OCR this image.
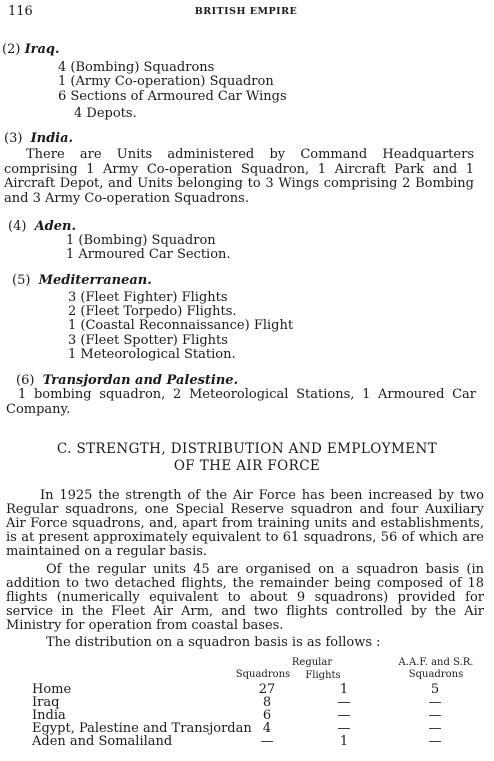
116	BRITISH EMPIRE
(2) Iraq.
4 (Bombing) Squadrons
1 (Army Co-operation) Squadron
6 Sections of Armoured Car Wings
4 Depots.
(3) India.
There are Units administered by Command Headquarters comprising 1 Army Co-operation Squadron, 1 Aircraft Park and 1 Aircraft Depot, and Units belonging to 3 Wings comprising 2 Bombing and 3 Army Co-operation Squadrons.
(4) Aden.
1 (Bombing) Squadron
1 Armoured Car Section.
(5) Mediterranean.
3 (Fleet Fighter) Flights
2 (Fleet Torpedo) Flights.
1 (Coastal Reconnaissance) Flight
3 (Fleet Spotter) Flights
1 Meteorological Station.
(6) Transjordan and Palestine.
1 bombing squadron, 2 Meteorological Stations, 1 Armoured Car Company.
C. STRENGTH, DISTRIBUTION AND EMPLOYMENT
OF THE AIR FORCE
In 1925 the strength of the Air Force has been increased by two Regular squadrons, one Special Reserve squadron and four Auxiliary Air Force squadrons, and, apart from training units and establishments, is at present approximately equivalent to 61 squadrons, 56 of which are maintained on a regular basis.
Of the regular units 45 are organised on a squadron basis (in addition to two detached flights, the remainder being composed of 18 flights (numerically equivalent to about 9 squadrons) provided for service in the Fleet Air Arm, and two flights controlled by the Air Ministry for operation from coastal bases.
The distribution on a squadron basis is as follows :
Regular
Squadrons	Flights
A.A.F. and S.R.
Squadrons
Home	27	1	5
Iraq	8	—	—
India	6	—	—
Egypt, Palestine and Transjordan 4	—	—
Aden and Somaliland	—	1	—
